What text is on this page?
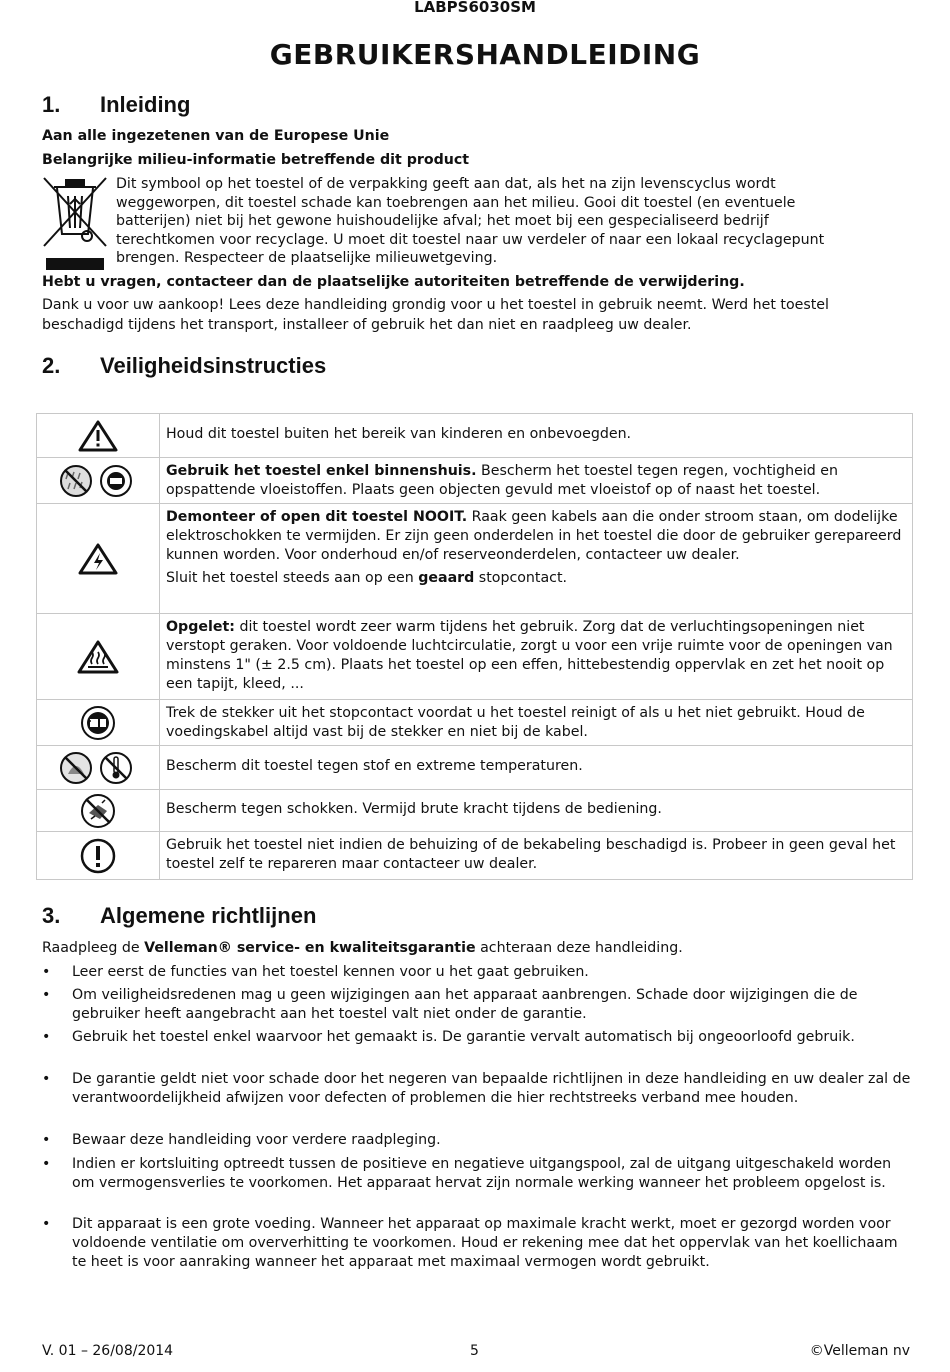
LABPS6030SM
GEBRUIKERSHANDLEIDING
1. Inleiding
Aan alle ingezetenen van de Europese Unie
Belangrijke milieu-informatie betreffende dit product
Dit symbool op het toestel of de verpakking geeft aan dat, als het na zijn levenscyclus wordt
weggeworpen, dit toestel schade kan toebrengen aan het milieu. Gooi dit toestel (en eventuele
batterijen) niet bij het gewone huishoudelijke afval; het moet bij een gespecialiseerd bedrijf
terechtkomen voor recyclage. U moet dit toestel naar uw verdeler of naar een lokaal recyclagepunt
brengen. Respecteer de plaatselijke milieuwetgeving.
Hebt u vragen, contacteer dan de plaatselijke autoriteiten betreffende de verwijdering.
Dank u voor uw aankoop! Lees deze handleiding grondig voor u het toestel in gebruik neemt. Werd het toestel beschadigd tijdens het transport, installeer of gebruik het dan niet en raadpleeg uw dealer.
2. Veiligheidsinstructies

Houd dit toestel buiten het bereik van kinderen en onbevoegden.

Gebruik het toestel enkel binnenshuis. Bescherm het toestel tegen regen, vochtigheid en opspattende vloeistoffen. Plaats geen objecten gevuld met vloeistof op of naast het toestel.

Demonteer of open dit toestel NOOIT. Raak geen kabels aan die onder stroom staan, om dodelijke elektroschokken te vermijden. Er zijn geen onderdelen in het toestel die door de gebruiker gerepareerd kunnen worden. Voor onderhoud en/of reserveonderdelen, contacteer uw dealer.

Sluit het toestel steeds aan op een geaard stopcontact.

Opgelet: dit toestel wordt zeer warm tijdens het gebruik. Zorg dat de verluchtingsopeningen niet verstopt geraken. Voor voldoende luchtcirculatie, zorgt u voor een vrije ruimte voor de openingen van minstens 1" (± 2.5 cm). Plaats het toestel op een effen, hittebestendig oppervlak en zet het nooit op een tapijt, kleed, ...

Trek de stekker uit het stopcontact voordat u het toestel reinigt of als u het niet gebruikt. Houd de voedingskabel altijd vast bij de stekker en niet bij de kabel.

Bescherm dit toestel tegen stof en extreme temperaturen.

Bescherm tegen schokken. Vermijd brute kracht tijdens de bediening.

Gebruik het toestel niet indien de behuizing of de bekabeling beschadigd is. Probeer in geen geval het toestel zelf te repareren maar contacteer uw dealer.

3. Algemene richtlijnen
Raadpleeg de Velleman® service- en kwaliteitsgarantie achteraan deze handleiding.
• Leer eerst de functies van het toestel kennen voor u het gaat gebruiken.
• Om veiligheidsredenen mag u geen wijzigingen aan het apparaat aanbrengen. Schade door wijzigingen die de gebruiker heeft aangebracht aan het toestel valt niet onder de garantie.
• Gebruik het toestel enkel waarvoor het gemaakt is. De garantie vervalt automatisch bij ongeoorloofd gebruik.
• De garantie geldt niet voor schade door het negeren van bepaalde richtlijnen in deze handleiding en uw dealer zal de verantwoordelijkheid afwijzen voor defecten of problemen die hier rechtstreeks verband mee houden.
• Bewaar deze handleiding voor verdere raadpleging.
• Indien er kortsluiting optreedt tussen de positieve en negatieve uitgangspool, zal de uitgang uitgeschakeld worden om vermogensverlies te voorkomen. Het apparaat hervat zijn normale werking wanneer het probleem opgelost is.
• Dit apparaat is een grote voeding. Wanneer het apparaat op maximale kracht werkt, moet er gezorgd worden voor voldoende ventilatie om oververhitting te voorkomen. Houd er rekening mee dat het oppervlak van het koellichaam te heet is voor aanraking wanneer het apparaat met maximaal vermogen wordt gebruikt.
V. 01 – 26/08/2014	5	©Velleman nv
